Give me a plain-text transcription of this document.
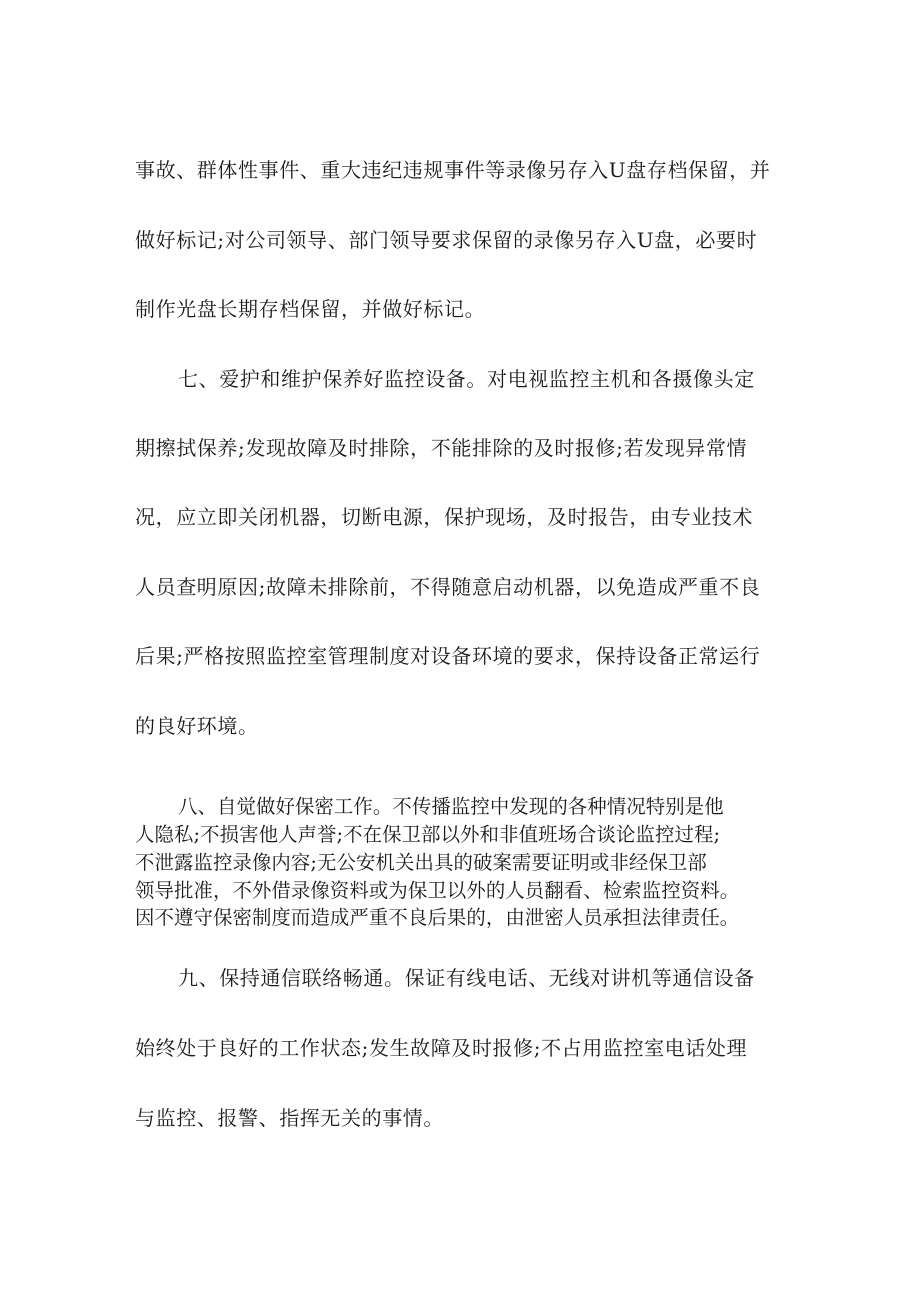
事故、群体性事件、重大违纪违规事件等录像另存入U盘存档保留，并
做好标记;对公司领导、部门领导要求保留的录像另存入U盘，必要时
制作光盘长期存档保留，并做好标记。
七、爱护和维护保养好监控设备。对电视监控主机和各摄像头定
期擦拭保养;发现故障及时排除，不能排除的及时报修;若发现异常情
况，应立即关闭机器，切断电源，保护现场，及时报告，由专业技术
人员查明原因;故障未排除前，不得随意启动机器，以免造成严重不良
后果;严格按照监控室管理制度对设备环境的要求，保持设备正常运行
的良好环境。
八、自觉做好保密工作。不传播监控中发现的各种情况特别是他
人隐私;不损害他人声誉;不在保卫部以外和非值班场合谈论监控过程;
不泄露监控录像内容;无公安机关出具的破案需要证明或非经保卫部
领导批准，不外借录像资料或为保卫以外的人员翻看、检索监控资料。
因不遵守保密制度而造成严重不良后果的，由泄密人员承担法律责任。
九、保持通信联络畅通。保证有线电话、无线对讲机等通信设备
始终处于良好的工作状态;发生故障及时报修;不占用监控室电话处理
与监控、报警、指挥无关的事情。
